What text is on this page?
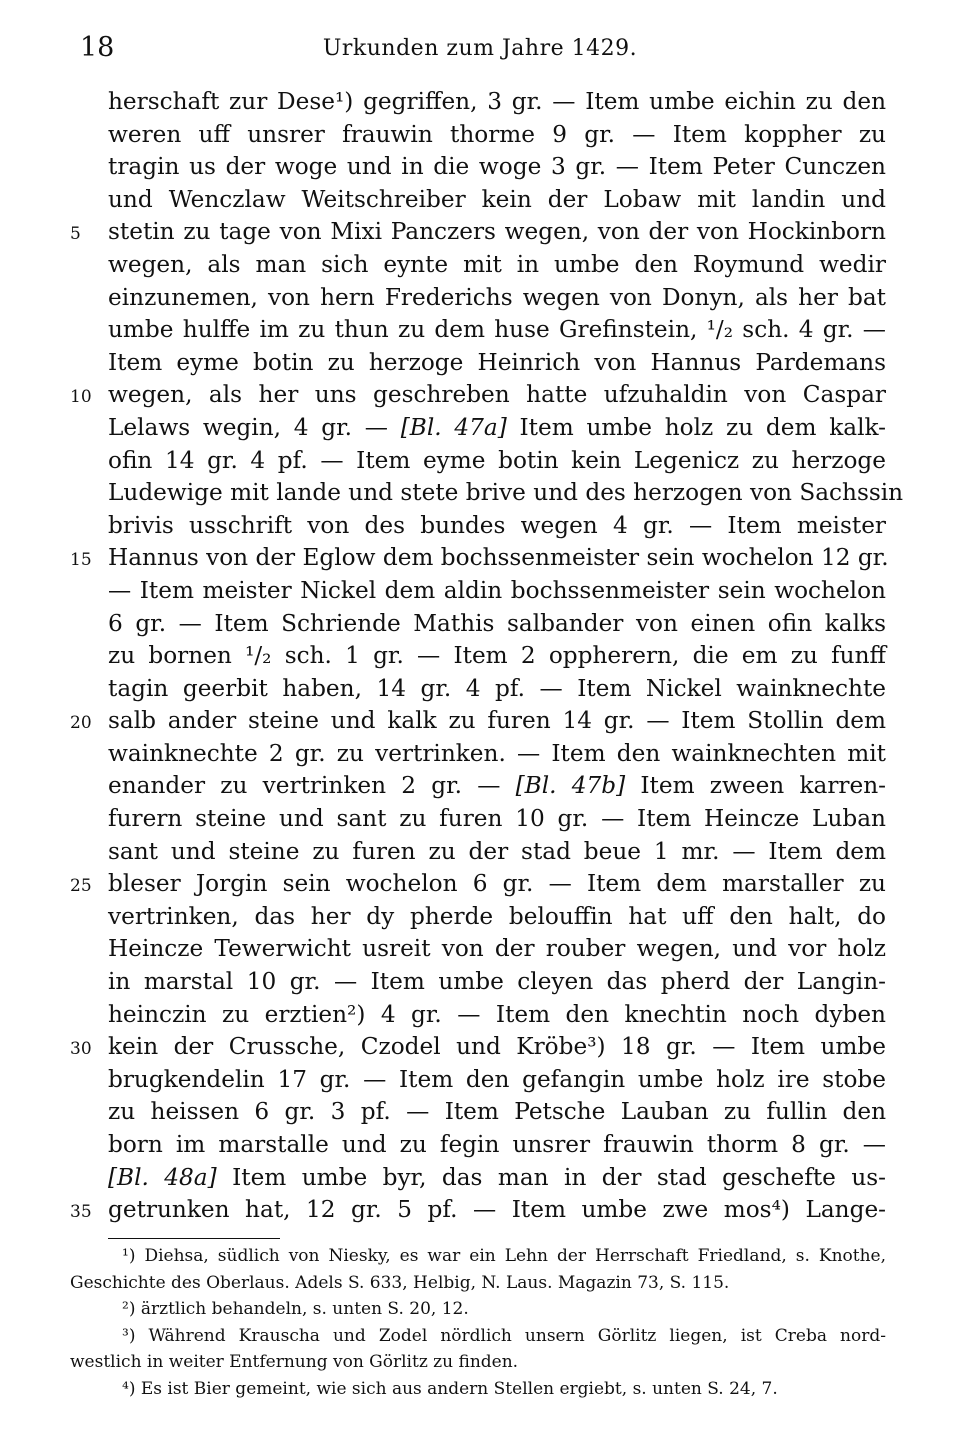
18	Urkunden zum Jahre 1429.
herschaft zur Dese¹) gegriffen, 3 gr. — Item umbe eichin zu den
weren uff unsrer frauwin thorme 9 gr. — Item koppher zu
tragin us der woge und in die woge 3 gr. — Item Peter Cunczen
und Wenczlaw Weitschreiber kein der Lobaw mit landin und
5	stetin zu tage von Mixi Panczers wegen, von der von Hockinborn
wegen, als man sich eynte mit in umbe den Roymund wedir
einzunemen, von hern Frederichs wegen von Donyn, als her bat
umbe hulffe im zu thun zu dem huse Grefinstein, ¹/₂ sch. 4 gr. —
Item eyme botin zu herzoge Heinrich von Hannus Pardemans
10 wegen, als her uns geschreben hatte ufzuhaldin von Caspar
Lelaws wegin, 4 gr. — [Bl. 47a] Item umbe holz zu dem kalk-
ofin 14 gr. 4 pf. — Item eyme botin kein Legenicz zu herzoge
Ludewige mit lande und stete brive und des herzogen von Sachssin
brivis usschrift von des bundes wegen 4 gr. — Item meister
15 Hannus von der Eglow dem bochssenmeister sein wochelon 12 gr.
— Item meister Nickel dem aldin bochssenmeister sein wochelon
6 gr. — Item Schriende Mathis salbander von einen ofin kalks
zu bornen ¹/₂ sch. 1 gr. — Item 2 oppherern, die em zu funff
tagin geerbit haben, 14 gr. 4 pf. — Item Nickel wainknechte
20 salb ander steine und kalk zu furen 14 gr. — Item Stollin dem
wainknechte 2 gr. zu vertrinken. — Item den wainknechten mit
enander zu vertrinken 2 gr. — [Bl. 47b] Item zween karren-
furern steine und sant zu furen 10 gr. — Item Heincze Luban
sant und steine zu furen zu der stad beue 1 mr. — Item dem
25 bleser Jorgin sein wochelon 6 gr. — Item dem marstaller zu
vertrinken, das her dy pherde belouffin hat uff den halt, do
Heincze Tewerwicht usreit von der rouber wegen, und vor holz
in marstal 10 gr. — Item umbe cleyen das pherd der Langin-
heinczin zu erztien²) 4 gr. — Item den knechtin noch dyben
30 kein der Crussche, Czodel und Kröbe³) 18 gr. — Item umbe
brugkendelin 17 gr. — Item den gefangin umbe holz ire stobe
zu heissen 6 gr. 3 pf. — Item Petsche Lauban zu fullin den
born im marstalle und zu fegin unsrer frauwin thorm 8 gr. —
[Bl. 48a] Item umbe byr, das man in der stad geschefte us-
35 getrunken hat, 12 gr. 5 pf. — Item umbe zwe mos⁴) Lange-
¹) Diehsa, südlich von Niesky, es war ein Lehn der Herrschaft Friedland, s. Knothe,
Geschichte des Oberlaus. Adels S. 633, Helbig, N. Laus. Magazin 73, S. 115.
²) ärztlich behandeln, s. unten S. 20, 12.
³) Während Krauscha und Zodel nördlich unsern Görlitz liegen, ist Creba nord-
westlich in weiter Entfernung von Görlitz zu finden.
⁴) Es ist Bier gemeint, wie sich aus andern Stellen ergiebt, s. unten S. 24, 7.
